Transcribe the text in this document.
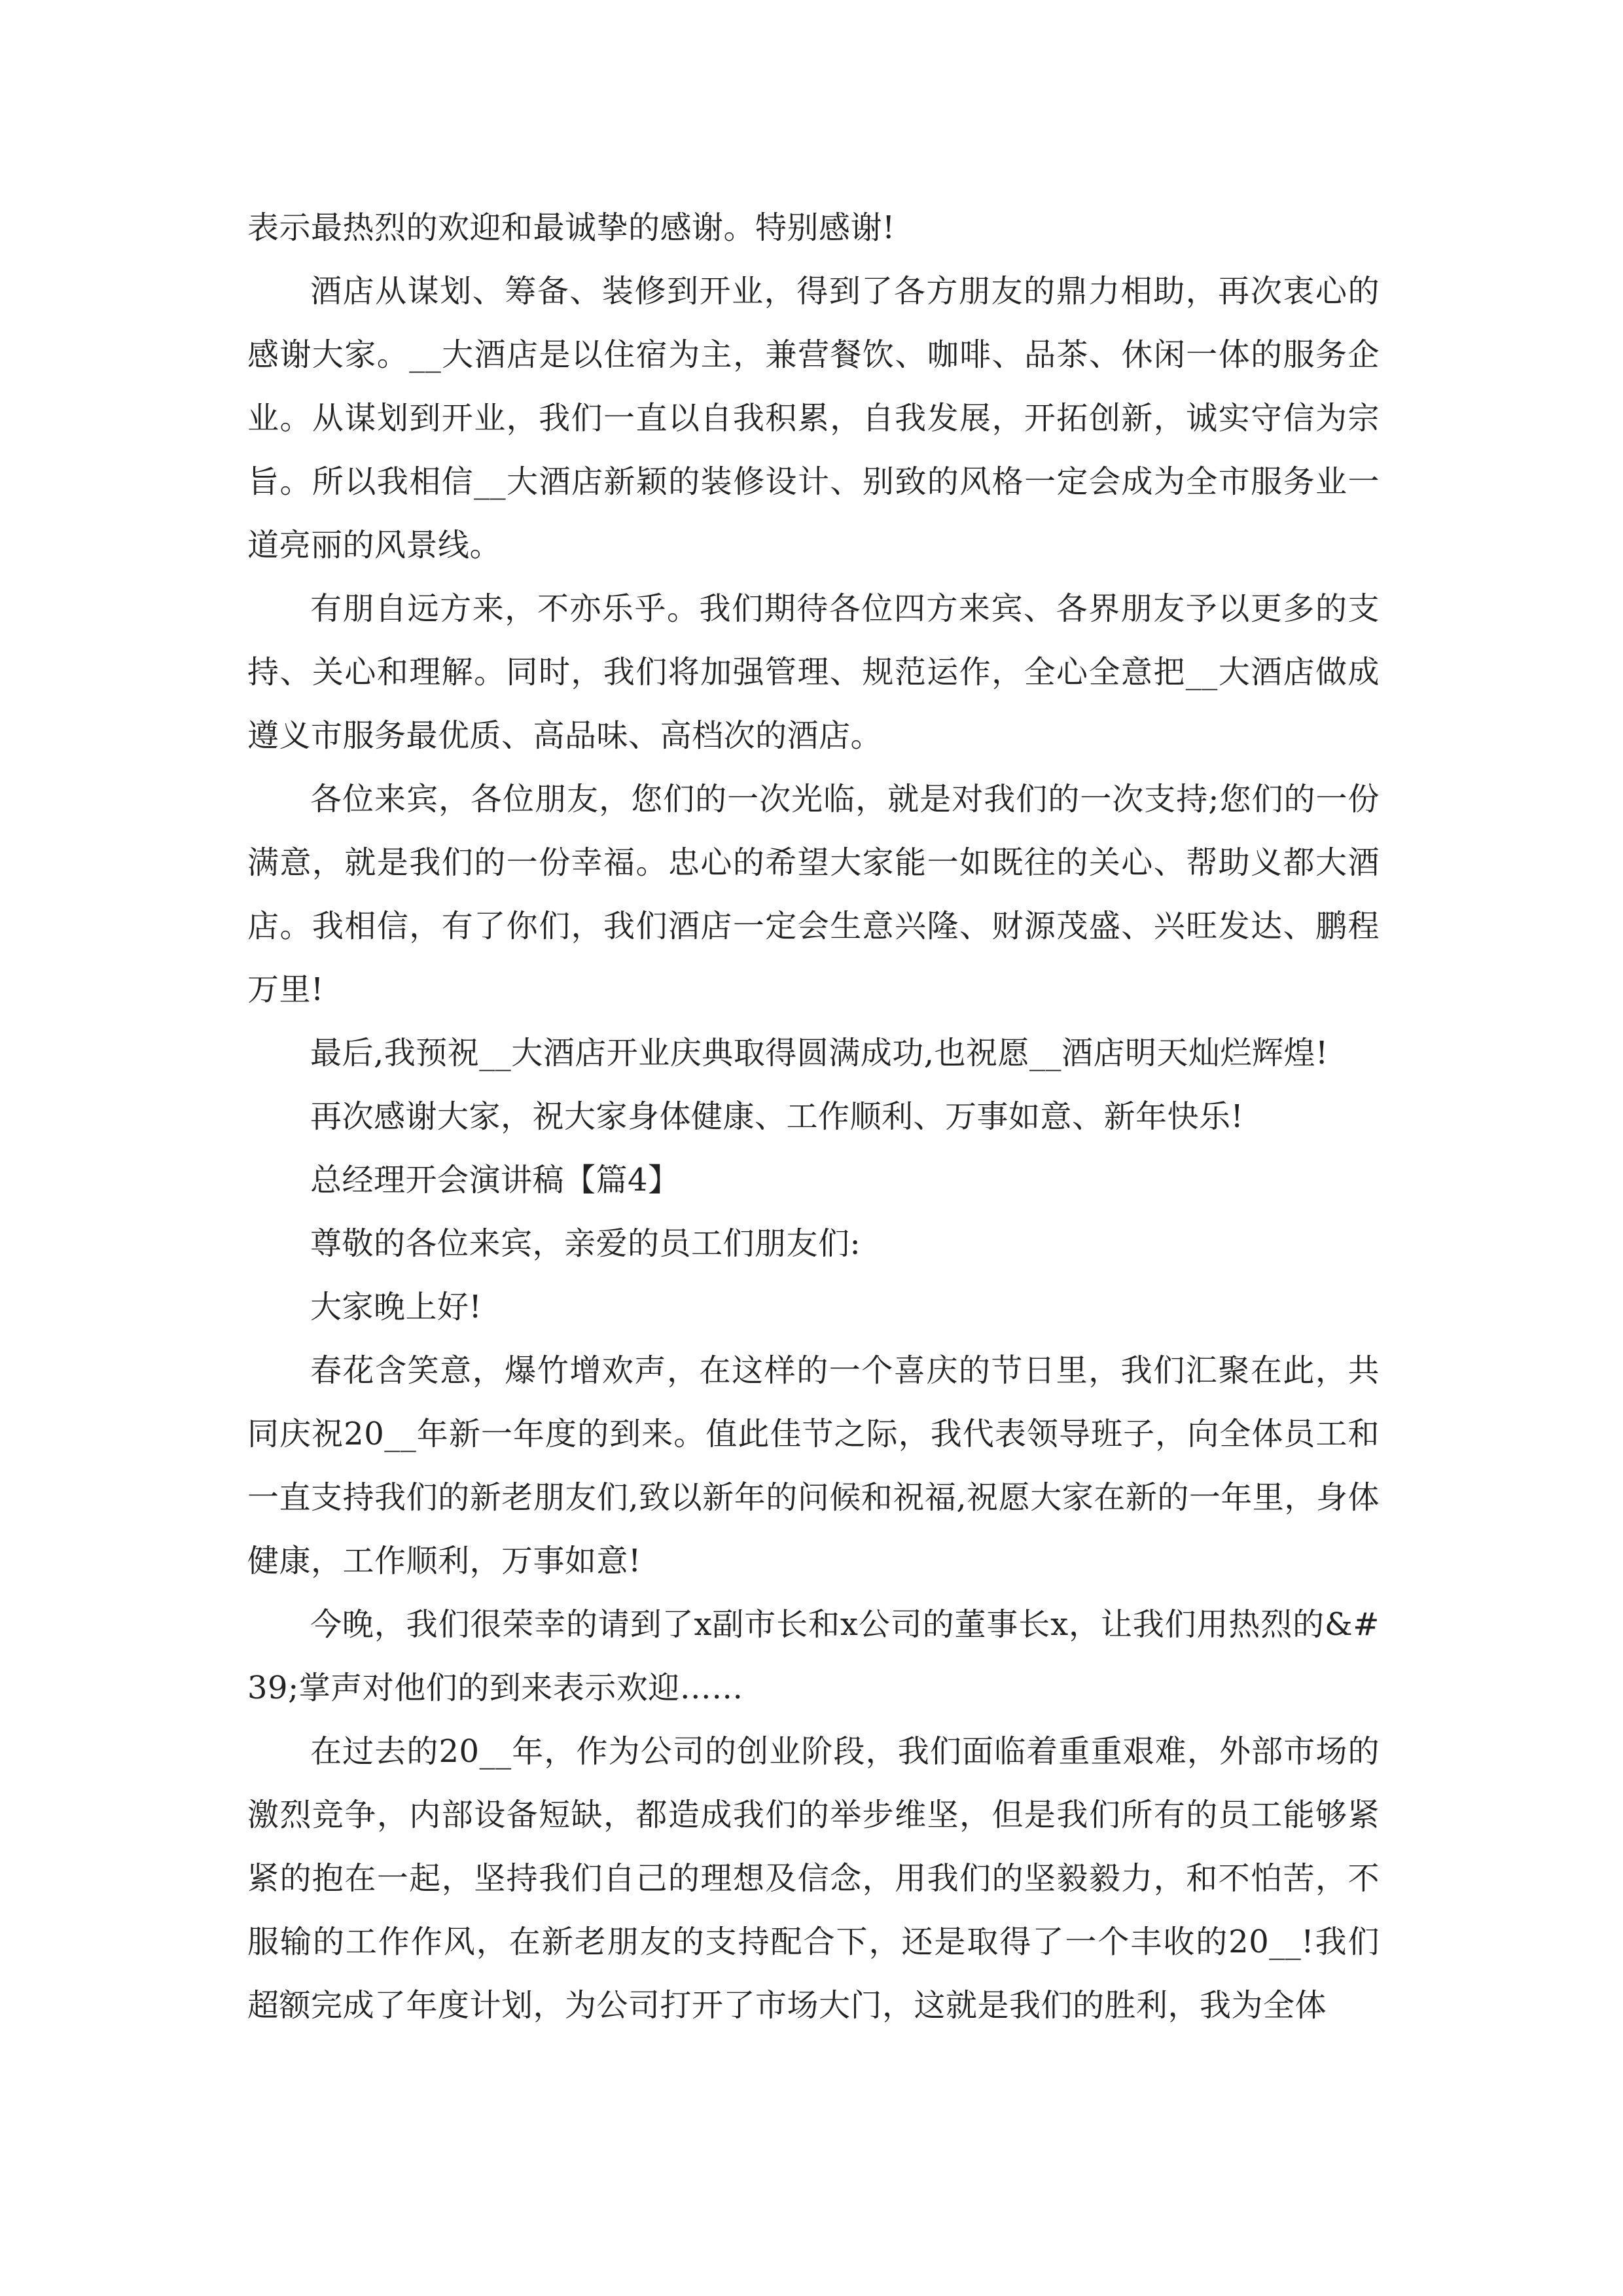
表示最热烈的欢迎和最诚挚的感谢。特别感谢!

酒店从谋划、筹备、装修到开业，得到了各方朋友的鼎力相助，再次衷心的感谢大家。__大酒店是以住宿为主，兼营餐饮、咖啡、品茶、休闲一体的服务企业。从谋划到开业，我们一直以自我积累，自我发展，开拓创新，诚实守信为宗旨。所以我相信__大酒店新颖的装修设计、别致的风格一定会成为全市服务业一道亮丽的风景线。

有朋自远方来，不亦乐乎。我们期待各位四方来宾、各界朋友予以更多的支持、关心和理解。同时，我们将加强管理、规范运作，全心全意把__大酒店做成遵义市服务最优质、高品味、高档次的酒店。

各位来宾，各位朋友，您们的一次光临，就是对我们的一次支持;您们的一份满意，就是我们的一份幸福。忠心的希望大家能一如既往的关心、帮助义都大酒店。我相信，有了你们，我们酒店一定会生意兴隆、财源茂盛、兴旺发达、鹏程万里!

最后,我预祝__大酒店开业庆典取得圆满成功,也祝愿__酒店明天灿烂辉煌!

再次感谢大家，祝大家身体健康、工作顺利、万事如意、新年快乐!

总经理开会演讲稿【篇4】

尊敬的各位来宾，亲爱的员工们朋友们:

大家晚上好!

春花含笑意，爆竹增欢声，在这样的一个喜庆的节日里，我们汇聚在此，共同庆祝20__年新一年度的到来。值此佳节之际，我代表领导班子，向全体员工和一直支持我们的新老朋友们,致以新年的问候和祝福,祝愿大家在新的一年里，身体健康，工作顺利，万事如意!

今晚，我们很荣幸的请到了x副市长和x公司的董事长x，让我们用热烈的&#39;掌声对他们的到来表示欢迎……

在过去的20__年，作为公司的创业阶段，我们面临着重重艰难，外部市场的激烈竞争，内部设备短缺，都造成我们的举步维坚，但是我们所有的员工能够紧紧的抱在一起，坚持我们自己的理想及信念，用我们的坚毅毅力，和不怕苦，不服输的工作作风，在新老朋友的支持配合下，还是取得了一个丰收的20__!我们超额完成了年度计划，为公司打开了市场大门，这就是我们的胜利，我为全体
